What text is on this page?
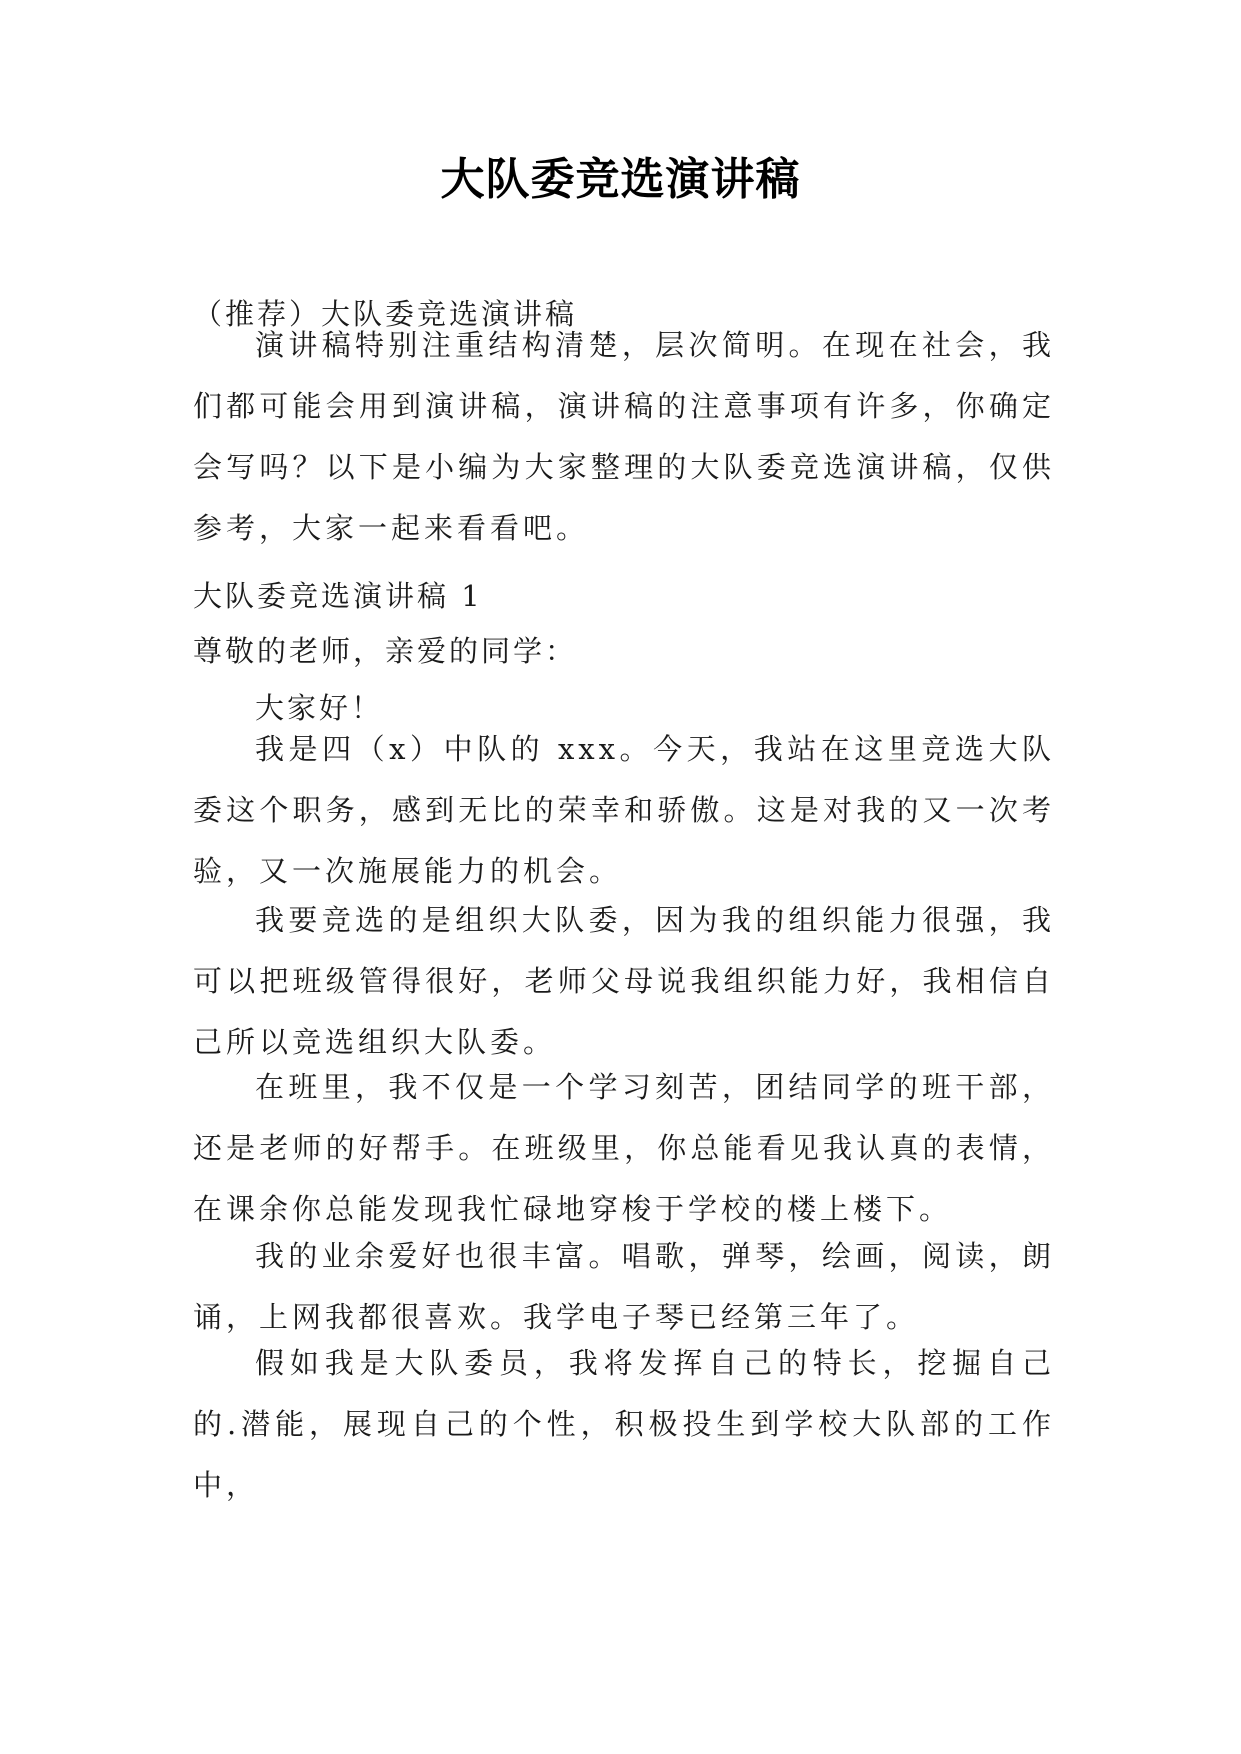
大队委竞选演讲稿
（推荐）大队委竞选演讲稿
演讲稿特别注重结构清楚，层次简明。在现在社会，我们都可能会用到演讲稿，演讲稿的注意事项有许多，你确定会写吗？以下是小编为大家整理的大队委竞选演讲稿，仅供参考，大家一起来看看吧。
大队委竞选演讲稿 1
尊敬的老师，亲爱的同学：
大家好！
我是四（x）中队的 xxx。今天，我站在这里竞选大队委这个职务，感到无比的荣幸和骄傲。这是对我的又一次考验，又一次施展能力的机会。
我要竞选的是组织大队委，因为我的组织能力很强，我可以把班级管得很好，老师父母说我组织能力好，我相信自己所以竞选组织大队委。
在班里，我不仅是一个学习刻苦，团结同学的班干部，还是老师的好帮手。在班级里，你总能看见我认真的表情，在课余你总能发现我忙碌地穿梭于学校的楼上楼下。
我的业余爱好也很丰富。唱歌，弹琴，绘画，阅读，朗诵，上网我都很喜欢。我学电子琴已经第三年了。
假如我是大队委员，我将发挥自己的特长，挖掘自己的.潜能，展现自己的个性，积极投生到学校大队部的工作中，
